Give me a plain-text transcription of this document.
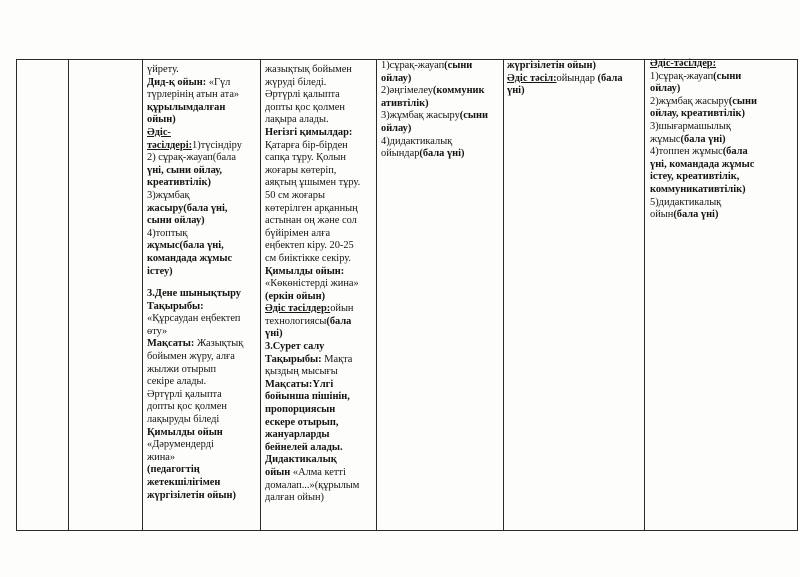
үйрету.
Дид-қ ойын: «Гүл
түрлерінің атын ата»
құрылымдалған
ойын)
Әдіс-
тәсілдері:1)түсіндіру
2) сұрақ-жауап(бала
үні, сыни ойлау,
креативтілік)
3)жұмбақ
жасыру(бала үні,
сыни ойлау)
4)топтық
жұмыс(бала үні,
командада жұмыс
істеу)
3.Дене шынықтыру
Тақырыбы:
«Құрсаудан еңбектеп
өту»
Мақсаты: Жазықтық
бойымен жүру, алға
жылжи отырып
секіре алады.
Әртүрлі қалыпта
допты қос қолмен
лақыруды біледі
Қимылды ойын
«Дәрумендерді
жина»
(педагогтің
жетекшілігімен
жүргізілетін ойын)
жазықтық бойымен
жүруді біледі.
Әртүрлі қалыпта
допты қос қолмен
лақыра алады.
Негізгі қимылдар:
Қатарға бір-бірден
сапқа тұру. Қолын
жоғары көтеріп,
аяқтың ұшымен тұру.
50 см жоғары
көтерілген арқанның
астынан оң және сол
бүйірімен алға
еңбектеп кіру. 20-25
см биіктікке секіру.
Қимылды ойын:
«Көкөністерді жина»
(еркін ойын)
Әдіс тәсілдер:ойын
технологиясы(бала
үні)
3.Сурет салу
Тақырыбы: Мақта
қыздың мысығы
Мақсаты:Үлгі
бойынша пішінін,
пропорциясын
ескере отырып,
жануарларды
бейнелей алады.
Дидактикалық
ойын «Алма кетті
домалап...»(құрылым
далған ойын)
1)сұрақ-жауап(сыни
ойлау)
2)әңгімелеу(коммуник
ативтілік)
3)жұмбақ жасыру(сыни
ойлау)
4)дидактикалық
ойындар(бала үні)
жүргізілетін ойын)
Әдіс тәсіл:ойындар (бала
үні)
Әдіс-тәсілдер:
1)сұрақ-жауап(сыни
ойлау)
2)жұмбақ жасыру(сыни
ойлау, креативтілік)
3)шығармашылық
жұмыс(бала үні)
4)топпен жұмыс(бала
үні, командада жұмыс
істеу, креативтілік,
коммуникативтілік)
5)дидактикалық
ойын(бала үні)
